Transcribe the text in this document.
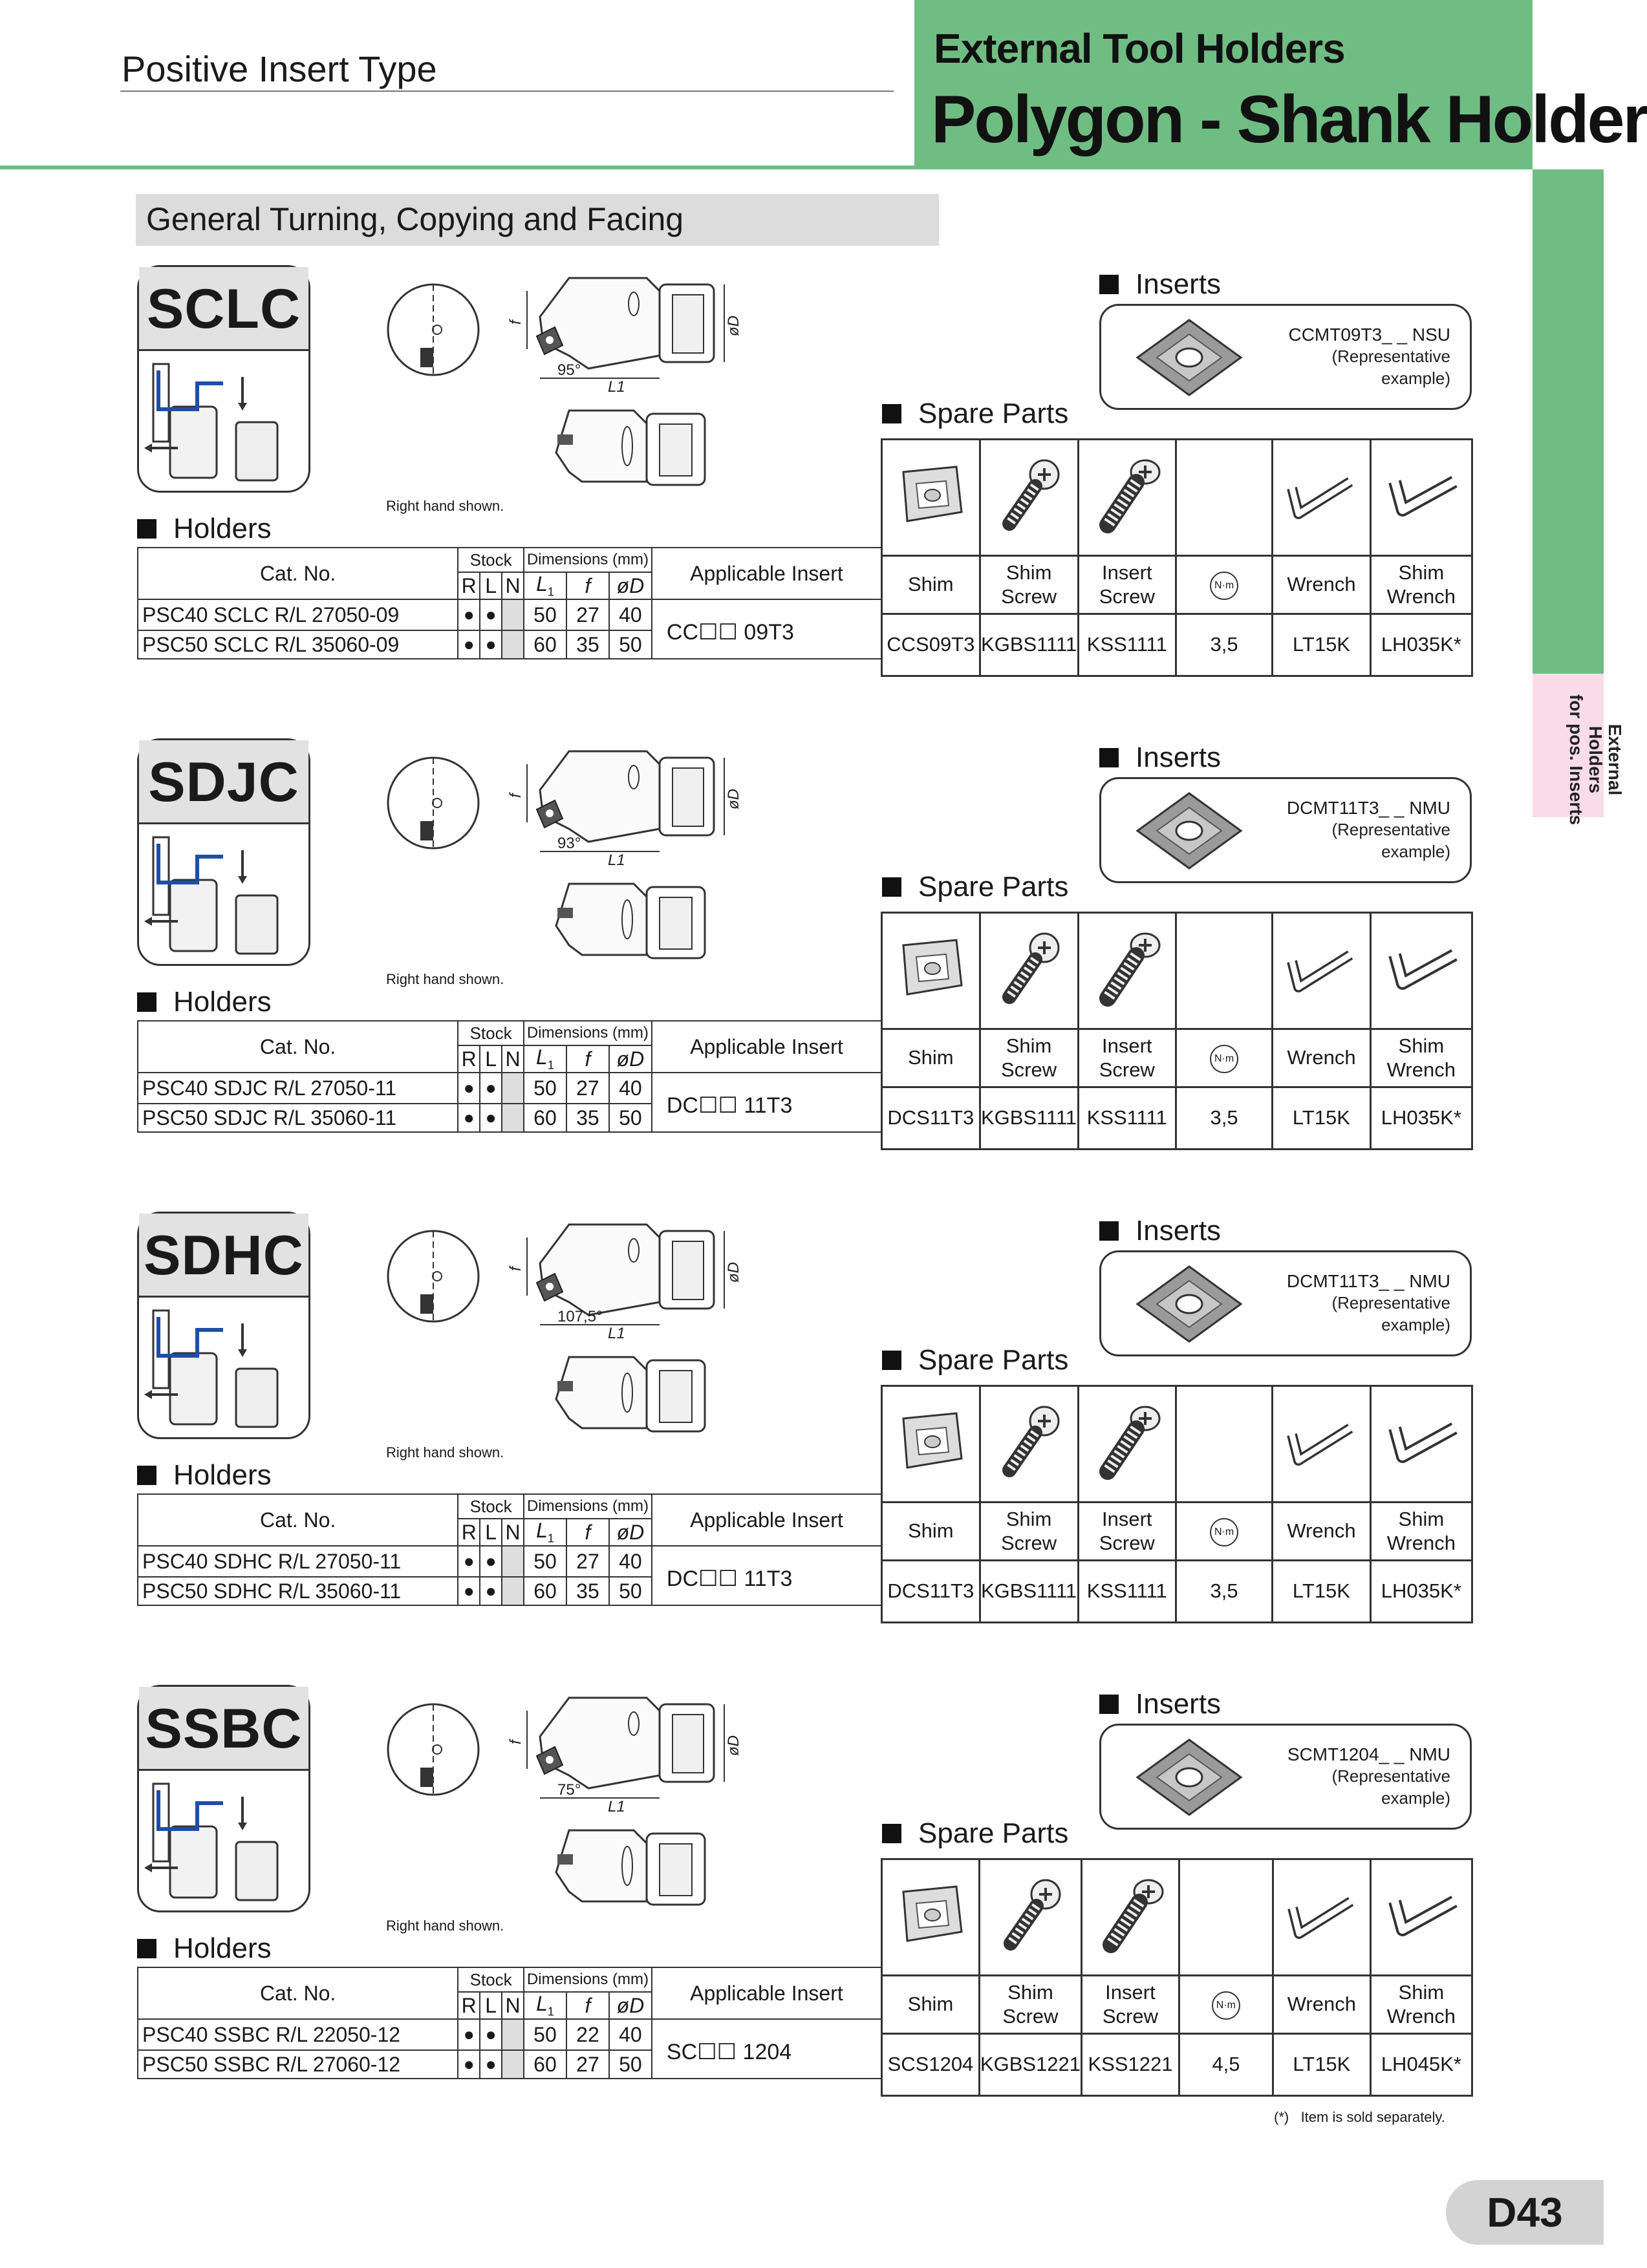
Positive Insert Type	External Tool Holders
Polygon - Shank Holder
External Holders
for pos. Inserts
General Turning, Copying and Facing
SCLC	f	øD
95°
L1
Right hand shown.
Inserts
CCMT09T3_ _ NSU
(Representative
example)
Spare Parts
Holders
Cat. No.	Stock			Dimensions (mm)			Applicable Insert
	R	L	N	$L_1$	f	øD	
PSC40 SCLC R/L 27050-09	●	●		50	27	40	CC☐☐ 09T3
PSC50 SCLC R/L 35060-09	●	●		60	35	50	

Shim	Shim Screw	Insert Screw	N·m	Wrench	Shim Wrench
CCS09T3	KGBS1111	KSS1111	3,5	LT15K	LH035K*
SDJC	f	øD
93°
L1
Right hand shown.
Inserts
DCMT11T3_ _ NMU
(Representative
example)
Spare Parts
Holders
Cat. No.	Stock			Dimensions (mm)			Applicable Insert
	R	L	N	$L_1$	f	øD	
PSC40 SDJC R/L 27050-11	●	●		50	27	40	DC☐☐ 11T3
PSC50 SDJC R/L 35060-11	●	●		60	35	50	

Shim	Shim Screw	Insert Screw	N·m	Wrench	Shim Wrench
DCS11T3	KGBS1111	KSS1111	3,5	LT15K	LH035K*
SDHC	f	øD
107,5°
L1
Right hand shown.
Inserts
DCMT11T3_ _ NMU
(Representative
example)
Spare Parts
Holders
Cat. No.	Stock			Dimensions (mm)			Applicable Insert
	R	L	N	$L_1$	f	øD	
PSC40 SDHC R/L 27050-11	●	●		50	27	40	DC☐☐ 11T3
PSC50 SDHC R/L 35060-11	●	●		60	35	50	

Shim	Shim Screw	Insert Screw	N·m	Wrench	Shim Wrench
DCS11T3	KGBS1111	KSS1111	3,5	LT15K	LH035K*
SSBC	f	øD
75°
L1
Right hand shown.
Inserts
SCMT1204_ _ NMU
(Representative
example)
Spare Parts
Holders
Cat. No.	Stock			Dimensions (mm)			Applicable Insert
	R	L	N	$L_1$	f	øD	
PSC40 SSBC R/L 22050-12	●	●		50	22	40	SC☐☐ 1204
PSC50 SSBC R/L 27060-12	●	●		60	27	50	

Shim	Shim Screw	Insert Screw	N·m	Wrench	Shim Wrench
SCS1204	KGBS1221	KSS1221	4,5	LT15K	LH045K*
(*) Item is sold separately.
D43
